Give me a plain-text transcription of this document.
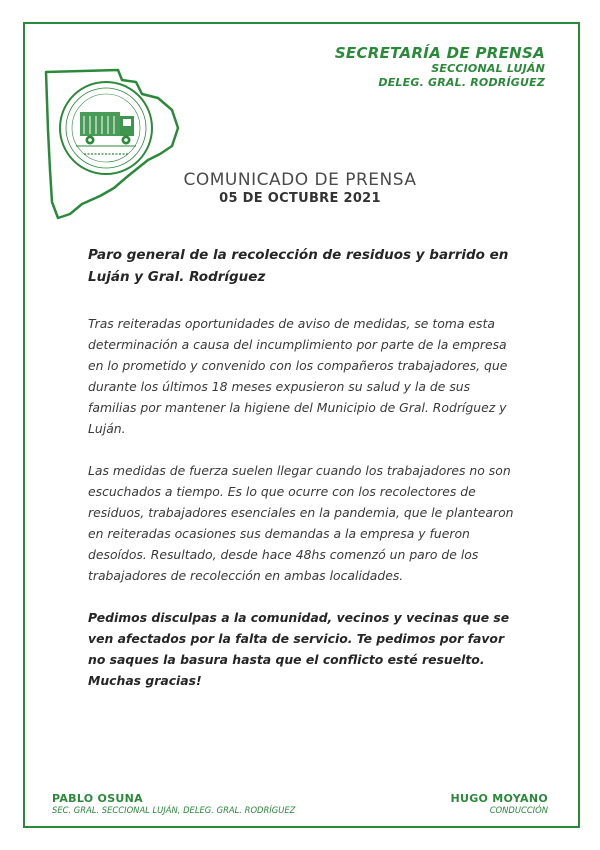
SECRETARÍA DE PRENSA
SECCIONAL LUJÁN
DELEG. GRAL. RODRÍGUEZ
COMUNICADO DE PRENSA
05 DE OCTUBRE 2021

Paro general de la recolección de residuos y barrido en Luján y Gral. Rodríguez

Tras reiteradas oportunidades de aviso de medidas, se toma esta determinación a causa del incumplimiento por parte de la empresa en lo prometido y convenido con los compañeros trabajadores, que durante los últimos 18 meses expusieron su salud y la de sus familias por mantener la higiene del Municipio de Gral. Rodríguez y Luján.

Las medidas de fuerza suelen llegar cuando los trabajadores no son escuchados a tiempo. Es lo que ocurre con los recolectores de residuos, trabajadores esenciales en la pandemia, que le plantearon en reiteradas ocasiones sus demandas a la empresa y fueron desoídos. Resultado, desde hace 48hs comenzó un paro de los trabajadores de recolección en ambas localidades.

Pedimos disculpas a la comunidad, vecinos y vecinas que se ven afectados por la falta de servicio. Te pedimos por favor no saques la basura hasta que el conflicto esté resuelto. Muchas gracias!

PABLO OSUNA
SEC. GRAL. SECCIONAL LUJÁN, DELEG. GRAL. RODRÍGUEZ
HUGO MOYANO
CONDUCCIÓN
